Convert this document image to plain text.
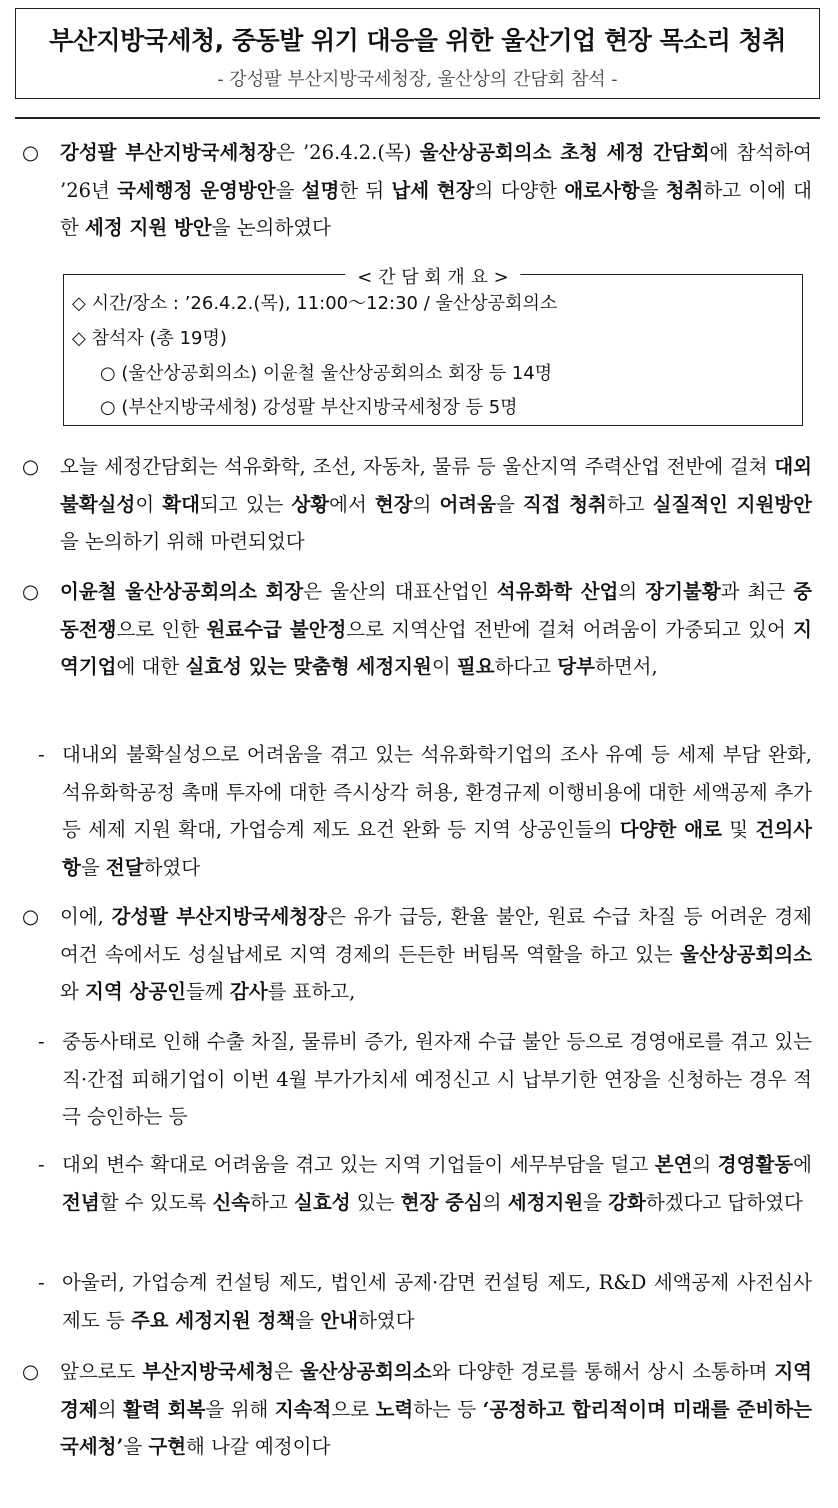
부산지방국세청, 중동발 위기 대응을 위한 울산기업 현장 목소리 청취
- 강성팔 부산지방국세청장, 울산상의 간담회 참석 -
○ 강성팔 부산지방국세청장은 ’26.4.2.(목) 울산상공회의소 초청 세정 간담회에 참석하여 ’26년 국세행정 운영방안을 설명한 뒤 납세 현장의 다양한 애로사항을 청취하고 이에 대한 세정 지원 방안을 논의하였다
< 간 담 회 개 요 >
◇ 시간/장소 : ’26.4.2.(목), 11:00～12:30 / 울산상공회의소
◇ 참석자 (총 19명)
○ (울산상공회의소) 이윤철 울산상공회의소 회장 등 14명
○ (부산지방국세청) 강성팔 부산지방국세청장 등 5명
○ 오늘 세정간담회는 석유화학, 조선, 자동차, 물류 등 울산지역 주력산업 전반에 걸쳐 대외 불확실성이 확대되고 있는 상황에서 현장의 어려움을 직접 청취하고 실질적인 지원방안을 논의하기 위해 마련되었다
○ 이윤철 울산상공회의소 회장은 울산의 대표산업인 석유화학 산업의 장기불황과 최근 중동전쟁으로 인한 원료수급 불안정으로 지역산업 전반에 걸쳐 어려움이 가중되고 있어 지역기업에 대한 실효성 있는 맞춤형 세정지원이 필요하다고 당부하면서,
- 대내외 불확실성으로 어려움을 겪고 있는 석유화학기업의 조사 유예 등 세제 부담 완화, 석유화학공정 촉매 투자에 대한 즉시상각 허용, 환경규제 이행비용에 대한 세액공제 추가 등 세제 지원 확대, 가업승계 제도 요건 완화 등 지역 상공인들의 다양한 애로 및 건의사항을 전달하였다
○ 이에, 강성팔 부산지방국세청장은 유가 급등, 환율 불안, 원료 수급 차질 등 어려운 경제 여건 속에서도 성실납세로 지역 경제의 든든한 버팀목 역할을 하고 있는 울산상공회의소와 지역 상공인들께 감사를 표하고,
- 중동사태로 인해 수출 차질, 물류비 증가, 원자재 수급 불안 등으로 경영애로를 겪고 있는 직·간접 피해기업이 이번 4월 부가가치세 예정신고 시 납부기한 연장을 신청하는 경우 적극 승인하는 등
- 대외 변수 확대로 어려움을 겪고 있는 지역 기업들이 세무부담을 덜고 본연의 경영활동에 전념할 수 있도록 신속하고 실효성 있는 현장 중심의 세정지원을 강화하겠다고 답하였다
- 아울러, 가업승계 컨설팅 제도, 법인세 공제·감면 컨설팅 제도, R&D 세액공제 사전심사 제도 등 주요 세정지원 정책을 안내하였다
○ 앞으로도 부산지방국세청은 울산상공회의소와 다양한 경로를 통해서 상시 소통하며 지역 경제의 활력 회복을 위해 지속적으로 노력하는 등 ‘공정하고 합리적이며 미래를 준비하는 국세청’을 구현해 나갈 예정이다
